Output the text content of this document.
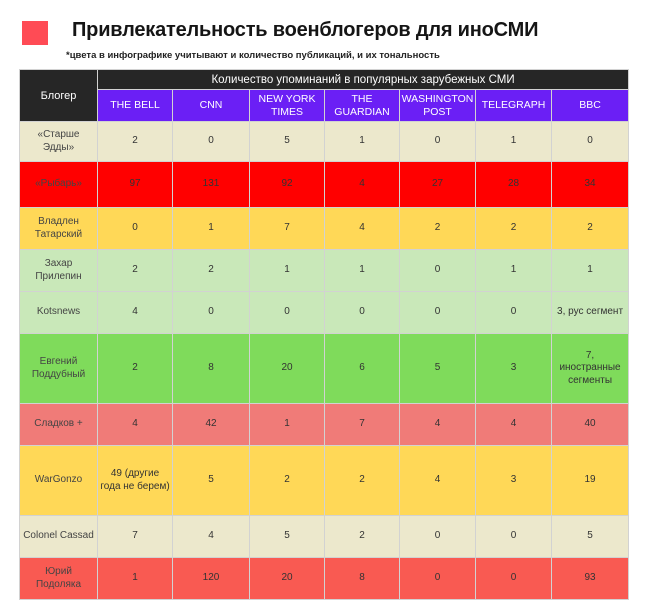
Привлекательность военблогеров для иноСМИ
*цвета в инфографике учитывают и количество публикаций, и их тональность
Блогер	Количество упоминаний в популярных зарубежных СМИ						
	THE BELL	CNN	NEW YORK TIMES	THE GUARDIAN	WASHINGTON POST	TELEGRAPH	BBC
«Старше Эдды»	2	0	5	1	0	1	0
«Рыбарь»	97	131	92	4	27	28	34
Владлен Татарский	0	1	7	4	2	2	2
Захар Прилепин	2	2	1	1	0	1	1
Kotsnews	4	0	0	0	0	0	3, рус сегмент
Евгений Поддубный	2	8	20	6	5	3	7, иностранные сегменты
Сладков +	4	42	1	7	4	4	40
WarGonzo	49 (другие года не берем)	5	2	2	4	3	19
Colonel Cassad	7	4	5	2	0	0	5
Юрий Подоляка	1	120	20	8	0	0	93
